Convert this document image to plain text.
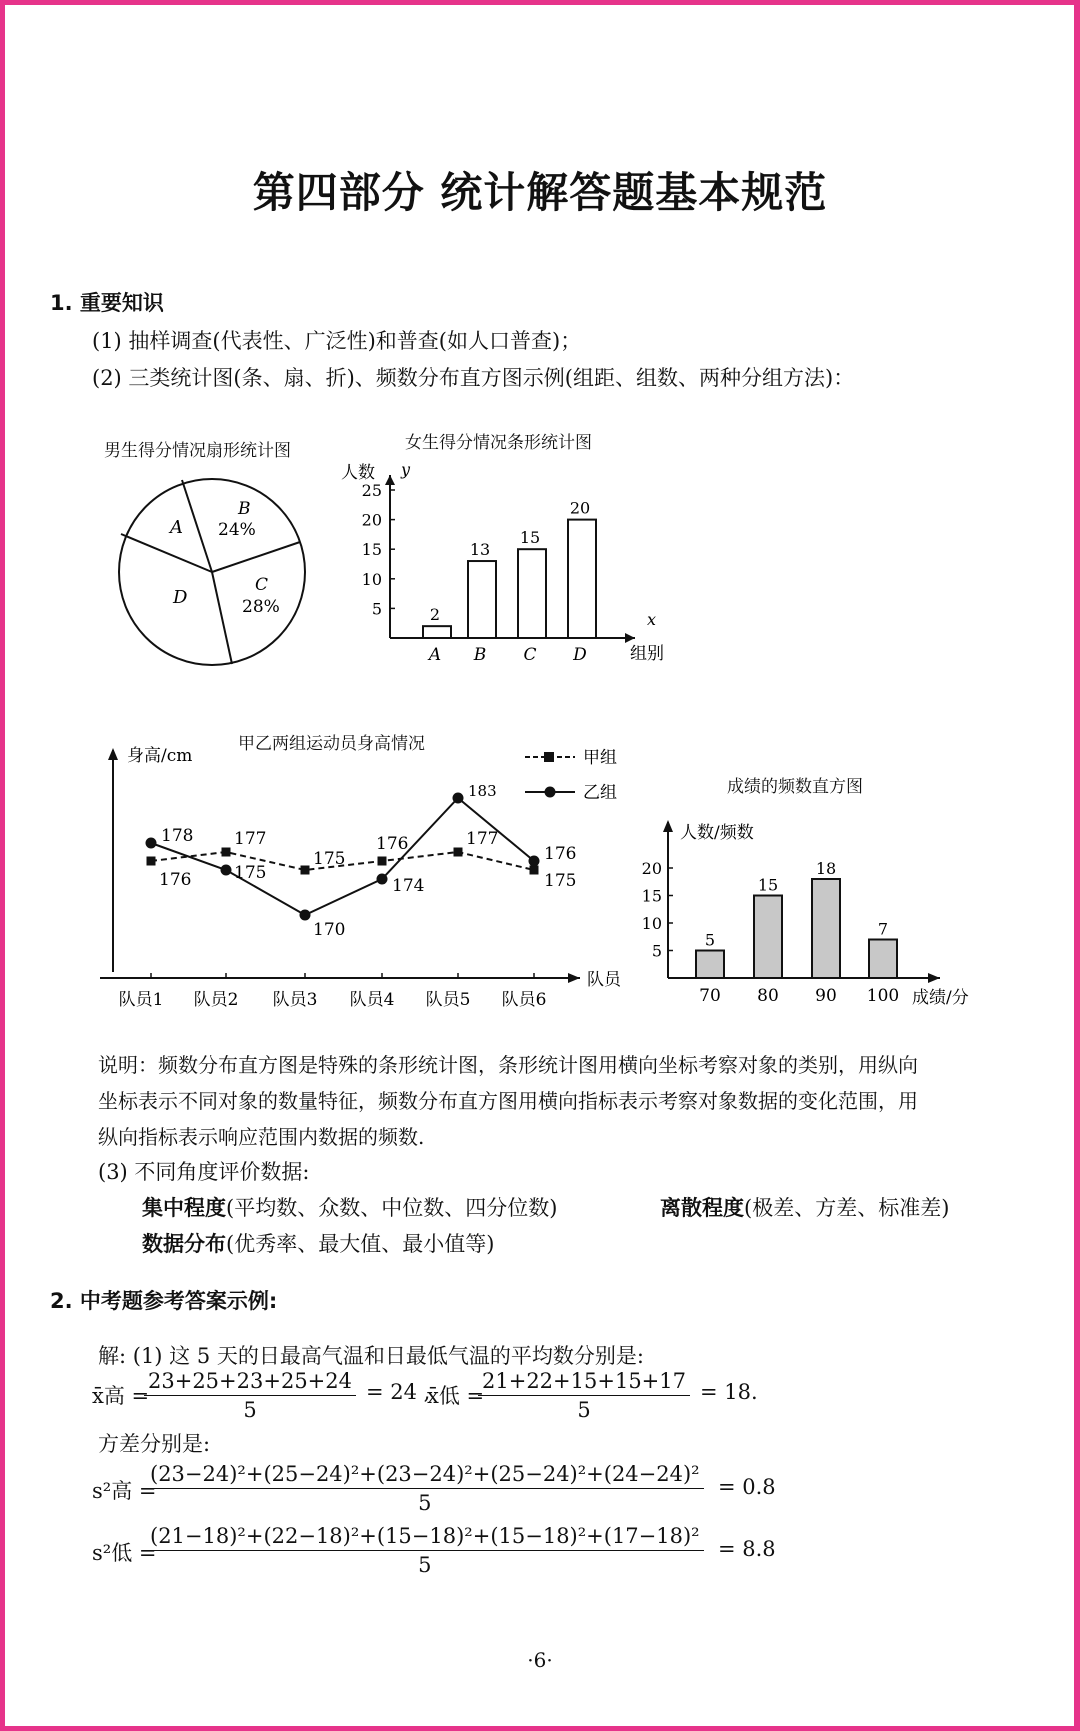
第四部分 统计解答题基本规范
1. 重要知识
(1) 抽样调查(代表性、广泛性)和普查(如人口普查)；
(2) 三类统计图(条、扇、折)、频数分布直方图示例(组距、组数、两种分组方法)：
男生得分情况扇形统计图
A
B
24%
C
28%
D
女生得分情况条形统计图
人数 y
x
组别
5
10
15
20
25
2
A
13
B
15
C
20
D
甲乙两组运动员身高情况
身高/cm
队员
甲组
乙组
队员1 队员2 队员3 队员4 队员5 队员6
176
177
175
176	177
175
178
175
170
174
183
176
成绩的频数直方图
人数/频数
成绩/分
5
10
15
20
5
70
15
80
18
90
7
100
说明：频数分布直方图是特殊的条形统计图，条形统计图用横向坐标考察对象的类别，用纵向
坐标表示不同对象的数量特征，频数分布直方图用横向指标表示考察对象数据的变化范围，用
纵向指标表示响应范围内数据的频数.
(3) 不同角度评价数据:
集中程度(平均数、众数、中位数、四分位数)	离散程度(极差、方差、标准差)
数据分布(优秀率、最大值、最小值等)
2. 中考题参考答案示例:
解: (1) 这 5 天的日最高气温和日最低气温的平均数分别是:
x̄高 =
$\frac{23+25+23+25+24}{5} = 24$ ,
x̄低 =
$\frac{21+22+15+15+17}{5} = 18$.
方差分别是:
s²高 =
$\frac{\text{(23−24)²+(25−24)²+(23−24)²+(25−24)²+(24−24)²}}{5} = 0.8$
s²低 =
$\frac{\text{(21−18)²+(22−18)²+(15−18)²+(15−18)²+(17−18)²}}{5} = 8.8$
·6·
